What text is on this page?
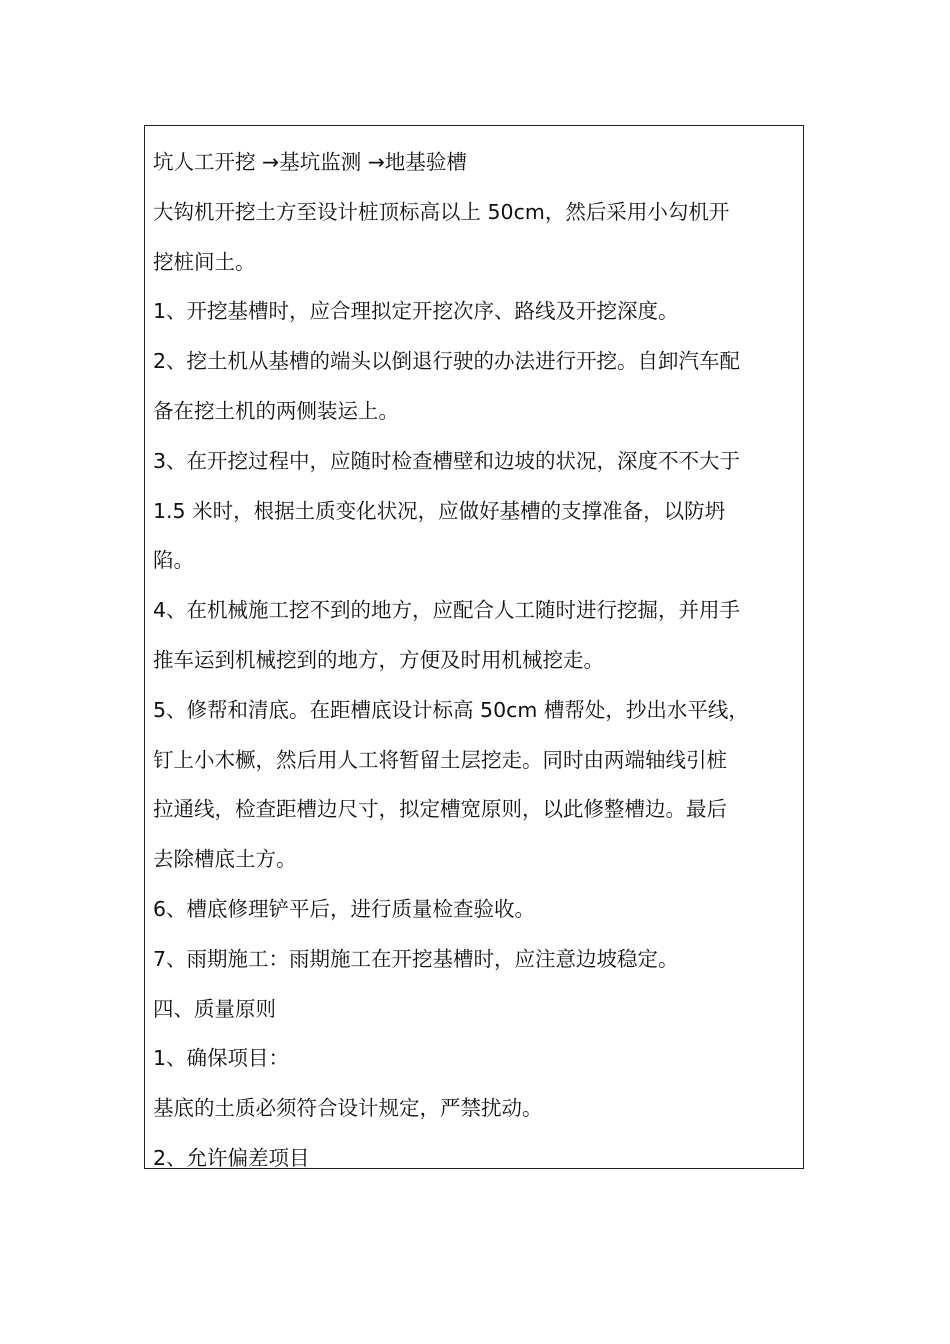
坑人工开挖 →基坑监测 →地基验槽
大钩机开挖土方至设计桩顶标高以上 50cm，然后采用小勾机开
挖桩间土。
1、开挖基槽时，应合理拟定开挖次序、路线及开挖深度。
2、挖土机从基槽的端头以倒退行驶的办法进行开挖。自卸汽车配
备在挖土机的两侧装运上。
3、在开挖过程中，应随时检查槽壁和边坡的状况，深度不不大于
1.5 米时，根据土质变化状况，应做好基槽的支撑准备，以防坍
陷。
4、在机械施工挖不到的地方，应配合人工随时进行挖掘，并用手
推车运到机械挖到的地方，方便及时用机械挖走。
5、修帮和清底。在距槽底设计标高 50cm 槽帮处，抄出水平线，
钉上小木橛，然后用人工将暂留土层挖走。同时由两端轴线引桩
拉通线，检查距槽边尺寸，拟定槽宽原则，以此修整槽边。最后
去除槽底土方。
6、槽底修理铲平后，进行质量检查验收。
7、雨期施工：雨期施工在开挖基槽时，应注意边坡稳定。
四、质量原则
1、确保项目：
基底的土质必须符合设计规定，严禁扰动。
2、允许偏差项目
